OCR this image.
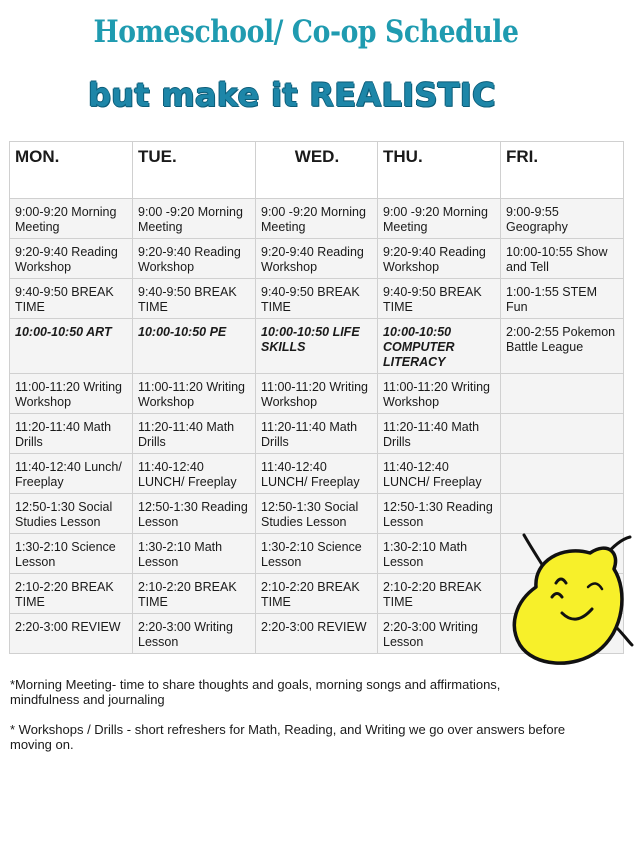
Homeschool/ Co-op Schedule
but make it REALISTIC
MON.	TUE.	WED.	THU.	FRI.
9:00-9:20 Morning Meeting	9:00 -9:20 Morning Meeting	9:00 -9:20 Morning Meeting	9:00 -9:20 Morning Meeting	9:00-9:55 Geography
9:20-9:40 Reading Workshop	9:20-9:40 Reading Workshop	9:20-9:40 Reading Workshop	9:20-9:40 Reading Workshop	10:00-10:55 Show and Tell
9:40-9:50 BREAK TIME	9:40-9:50 BREAK TIME	9:40-9:50 BREAK TIME	9:40-9:50 BREAK TIME	1:00-1:55 STEM Fun
10:00-10:50 ART	10:00-10:50 PE	10:00-10:50 LIFE SKILLS	10:00-10:50 COMPUTER LITERACY	2:00-2:55 Pokemon Battle League
11:00-11:20 Writing Workshop	11:00-11:20 Writing Workshop	11:00-11:20 Writing Workshop	11:00-11:20 Writing Workshop	
11:20-11:40 Math Drills	11:20-11:40 Math Drills	11:20-11:40 Math Drills	11:20-11:40 Math Drills	
11:40-12:40 Lunch/ Freeplay	11:40-12:40 LUNCH/ Freeplay	11:40-12:40 LUNCH/ Freeplay	11:40-12:40 LUNCH/ Freeplay	
12:50-1:30 Social Studies Lesson	12:50-1:30 Reading Lesson	12:50-1:30 Social Studies Lesson	12:50-1:30 Reading Lesson	
1:30-2:10 Science Lesson	1:30-2:10 Math Lesson	1:30-2:10 Science Lesson	1:30-2:10 Math Lesson	
2:10-2:20 BREAK TIME	2:10-2:20 BREAK TIME	2:10-2:20 BREAK TIME	2:10-2:20 BREAK TIME	
2:20-3:00 REVIEW	2:20-3:00 Writing Lesson	2:20-3:00 REVIEW	2:20-3:00 Writing Lesson	

*Morning Meeting- time to share thoughts and goals, morning songs and affirmations, mindfulness and journaling

* Workshops / Drills - short refreshers for Math, Reading, and Writing we go over answers before moving on.
